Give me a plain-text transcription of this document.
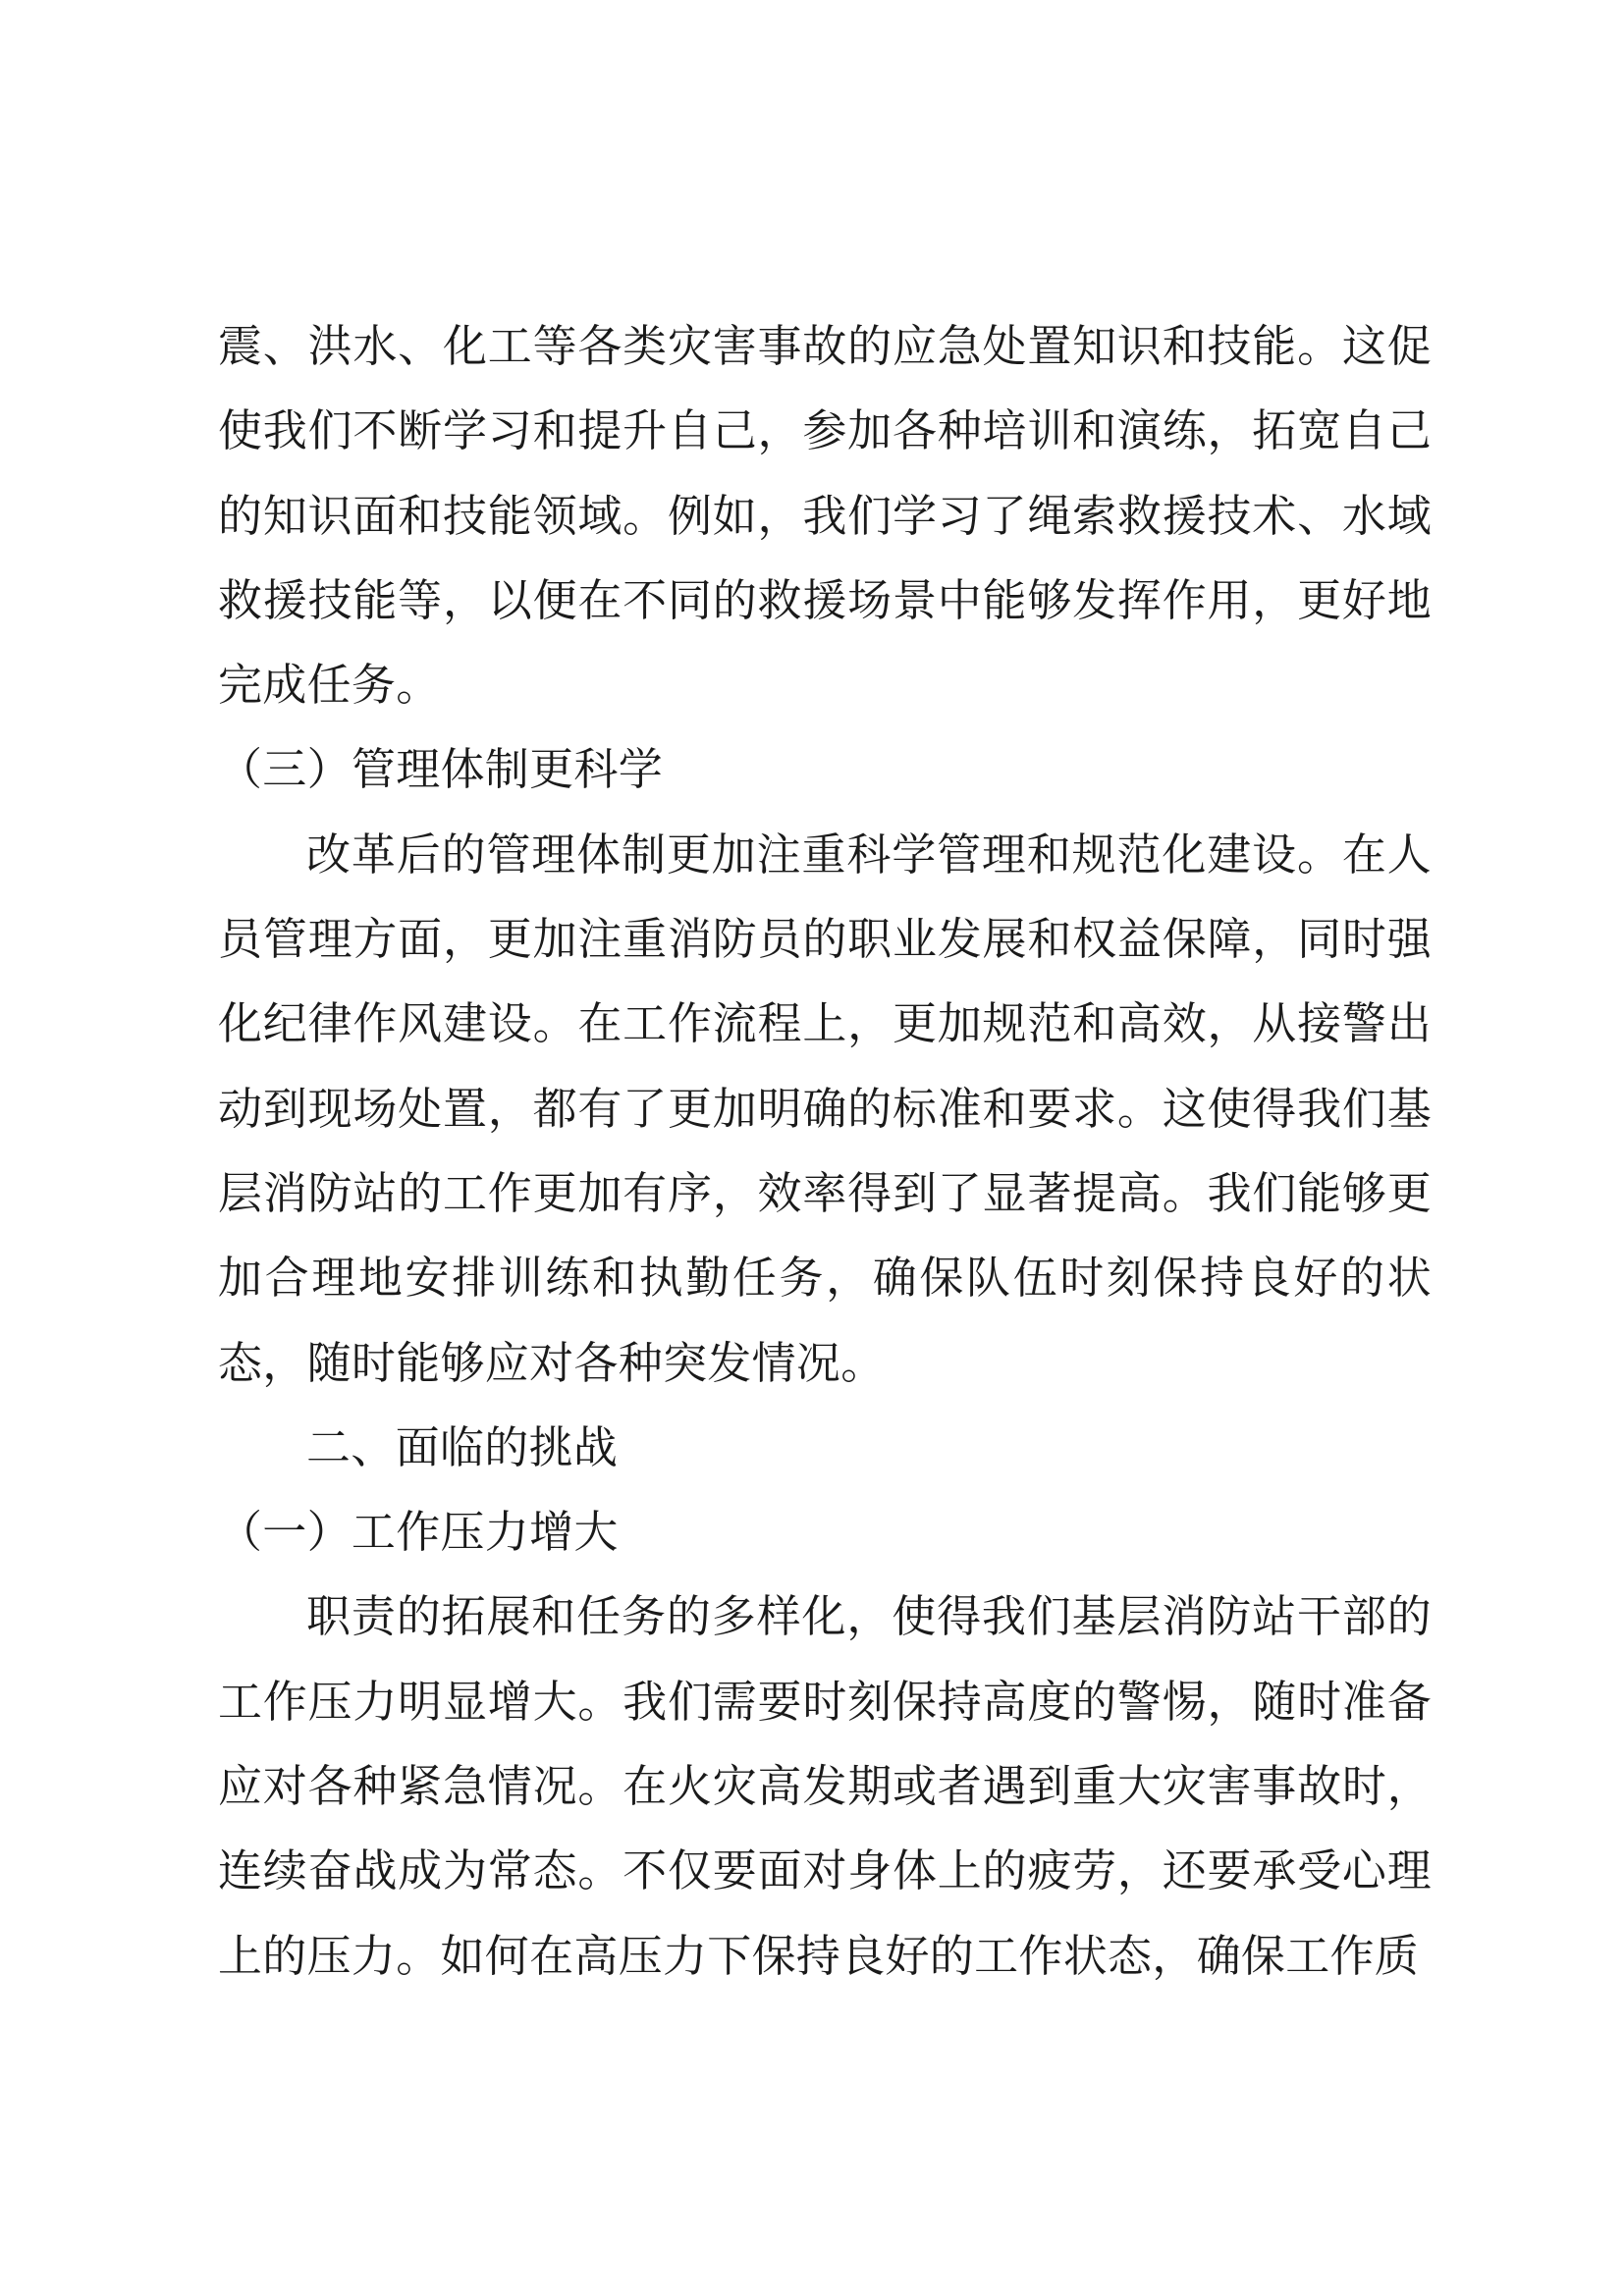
震、洪水、化工等各类灾害事故的应急处置知识和技能。这促使我们不断学习和提升自己，参加各种培训和演练，拓宽自己的知识面和技能领域。例如，我们学习了绳索救援技术、水域救援技能等，以便在不同的救援场景中能够发挥作用，更好地完成任务。

（三）管理体制更科学

改革后的管理体制更加注重科学管理和规范化建设。在人员管理方面，更加注重消防员的职业发展和权益保障，同时强化纪律作风建设。在工作流程上，更加规范和高效，从接警出动到现场处置，都有了更加明确的标准和要求。这使得我们基层消防站的工作更加有序，效率得到了显著提高。我们能够更加合理地安排训练和执勤任务，确保队伍时刻保持良好的状态，随时能够应对各种突发情况。

二、面临的挑战

（一）工作压力增大

职责的拓展和任务的多样化，使得我们基层消防站干部的工作压力明显增大。我们需要时刻保持高度的警惕，随时准备应对各种紧急情况。在火灾高发期或者遇到重大灾害事故时，连续奋战成为常态。不仅要面对身体上的疲劳，还要承受心理上的压力。如何在高压力下保持良好的工作状态，确保工作质
